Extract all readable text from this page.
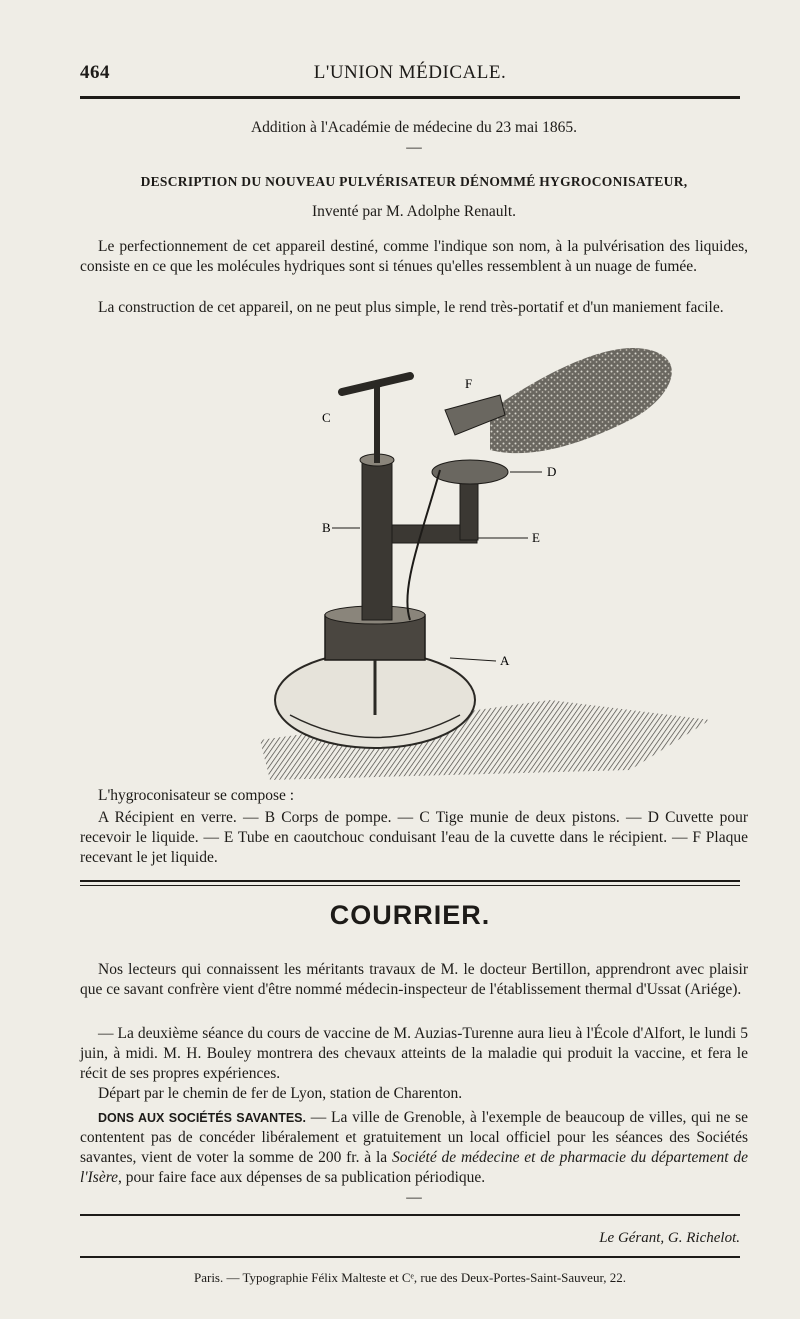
464	L'UNION MÉDICALE.
Addition à l'Académie de médecine du 23 mai 1865.
—
DESCRIPTION DU NOUVEAU PULVÉRISATEUR DÉNOMMÉ HYGROCONISATEUR,
Inventé par M. Adolphe Renault.
Le perfectionnement de cet appareil destiné, comme l'indique son nom, à la pulvérisation des liquides, consiste en ce que les molécules hydriques sont si ténues qu'elles ressemblent à un nuage de fumée.
La construction de cet appareil, on ne peut plus simple, le rend très-portatif et d'un maniement facile.
F
C
D
B
E
A
L'hygroconisateur se compose :
A Récipient en verre. — B Corps de pompe. — C Tige munie de deux pistons. — D Cuvette pour recevoir le liquide. — E Tube en caoutchouc conduisant l'eau de la cuvette dans le récipient. — F Plaque recevant le jet liquide.
COURRIER.
Nos lecteurs qui connaissent les méritants travaux de M. le docteur Bertillon, apprendront avec plaisir que ce savant confrère vient d'être nommé médecin-inspecteur de l'établissement thermal d'Ussat (Ariége).
— La deuxième séance du cours de vaccine de M. Auzias-Turenne aura lieu à l'École d'Alfort, le lundi 5 juin, à midi. M. H. Bouley montrera des chevaux atteints de la maladie qui produit la vaccine, et fera le récit de ses propres expériences.
Départ par le chemin de fer de Lyon, station de Charenton.
DONS AUX SOCIÉTÉS SAVANTES. — La ville de Grenoble, à l'exemple de beaucoup de villes, qui ne se contentent pas de concéder libéralement et gratuitement un local officiel pour les séances des Sociétés savantes, vient de voter la somme de 200 fr. à la Société de médecine et de pharmacie du département de l'Isère, pour faire face aux dépenses de sa publication périodique.
—
Le Gérant, G. Richelot.
Paris. — Typographie Félix Malteste et Cᵉ, rue des Deux-Portes-Saint-Sauveur, 22.
